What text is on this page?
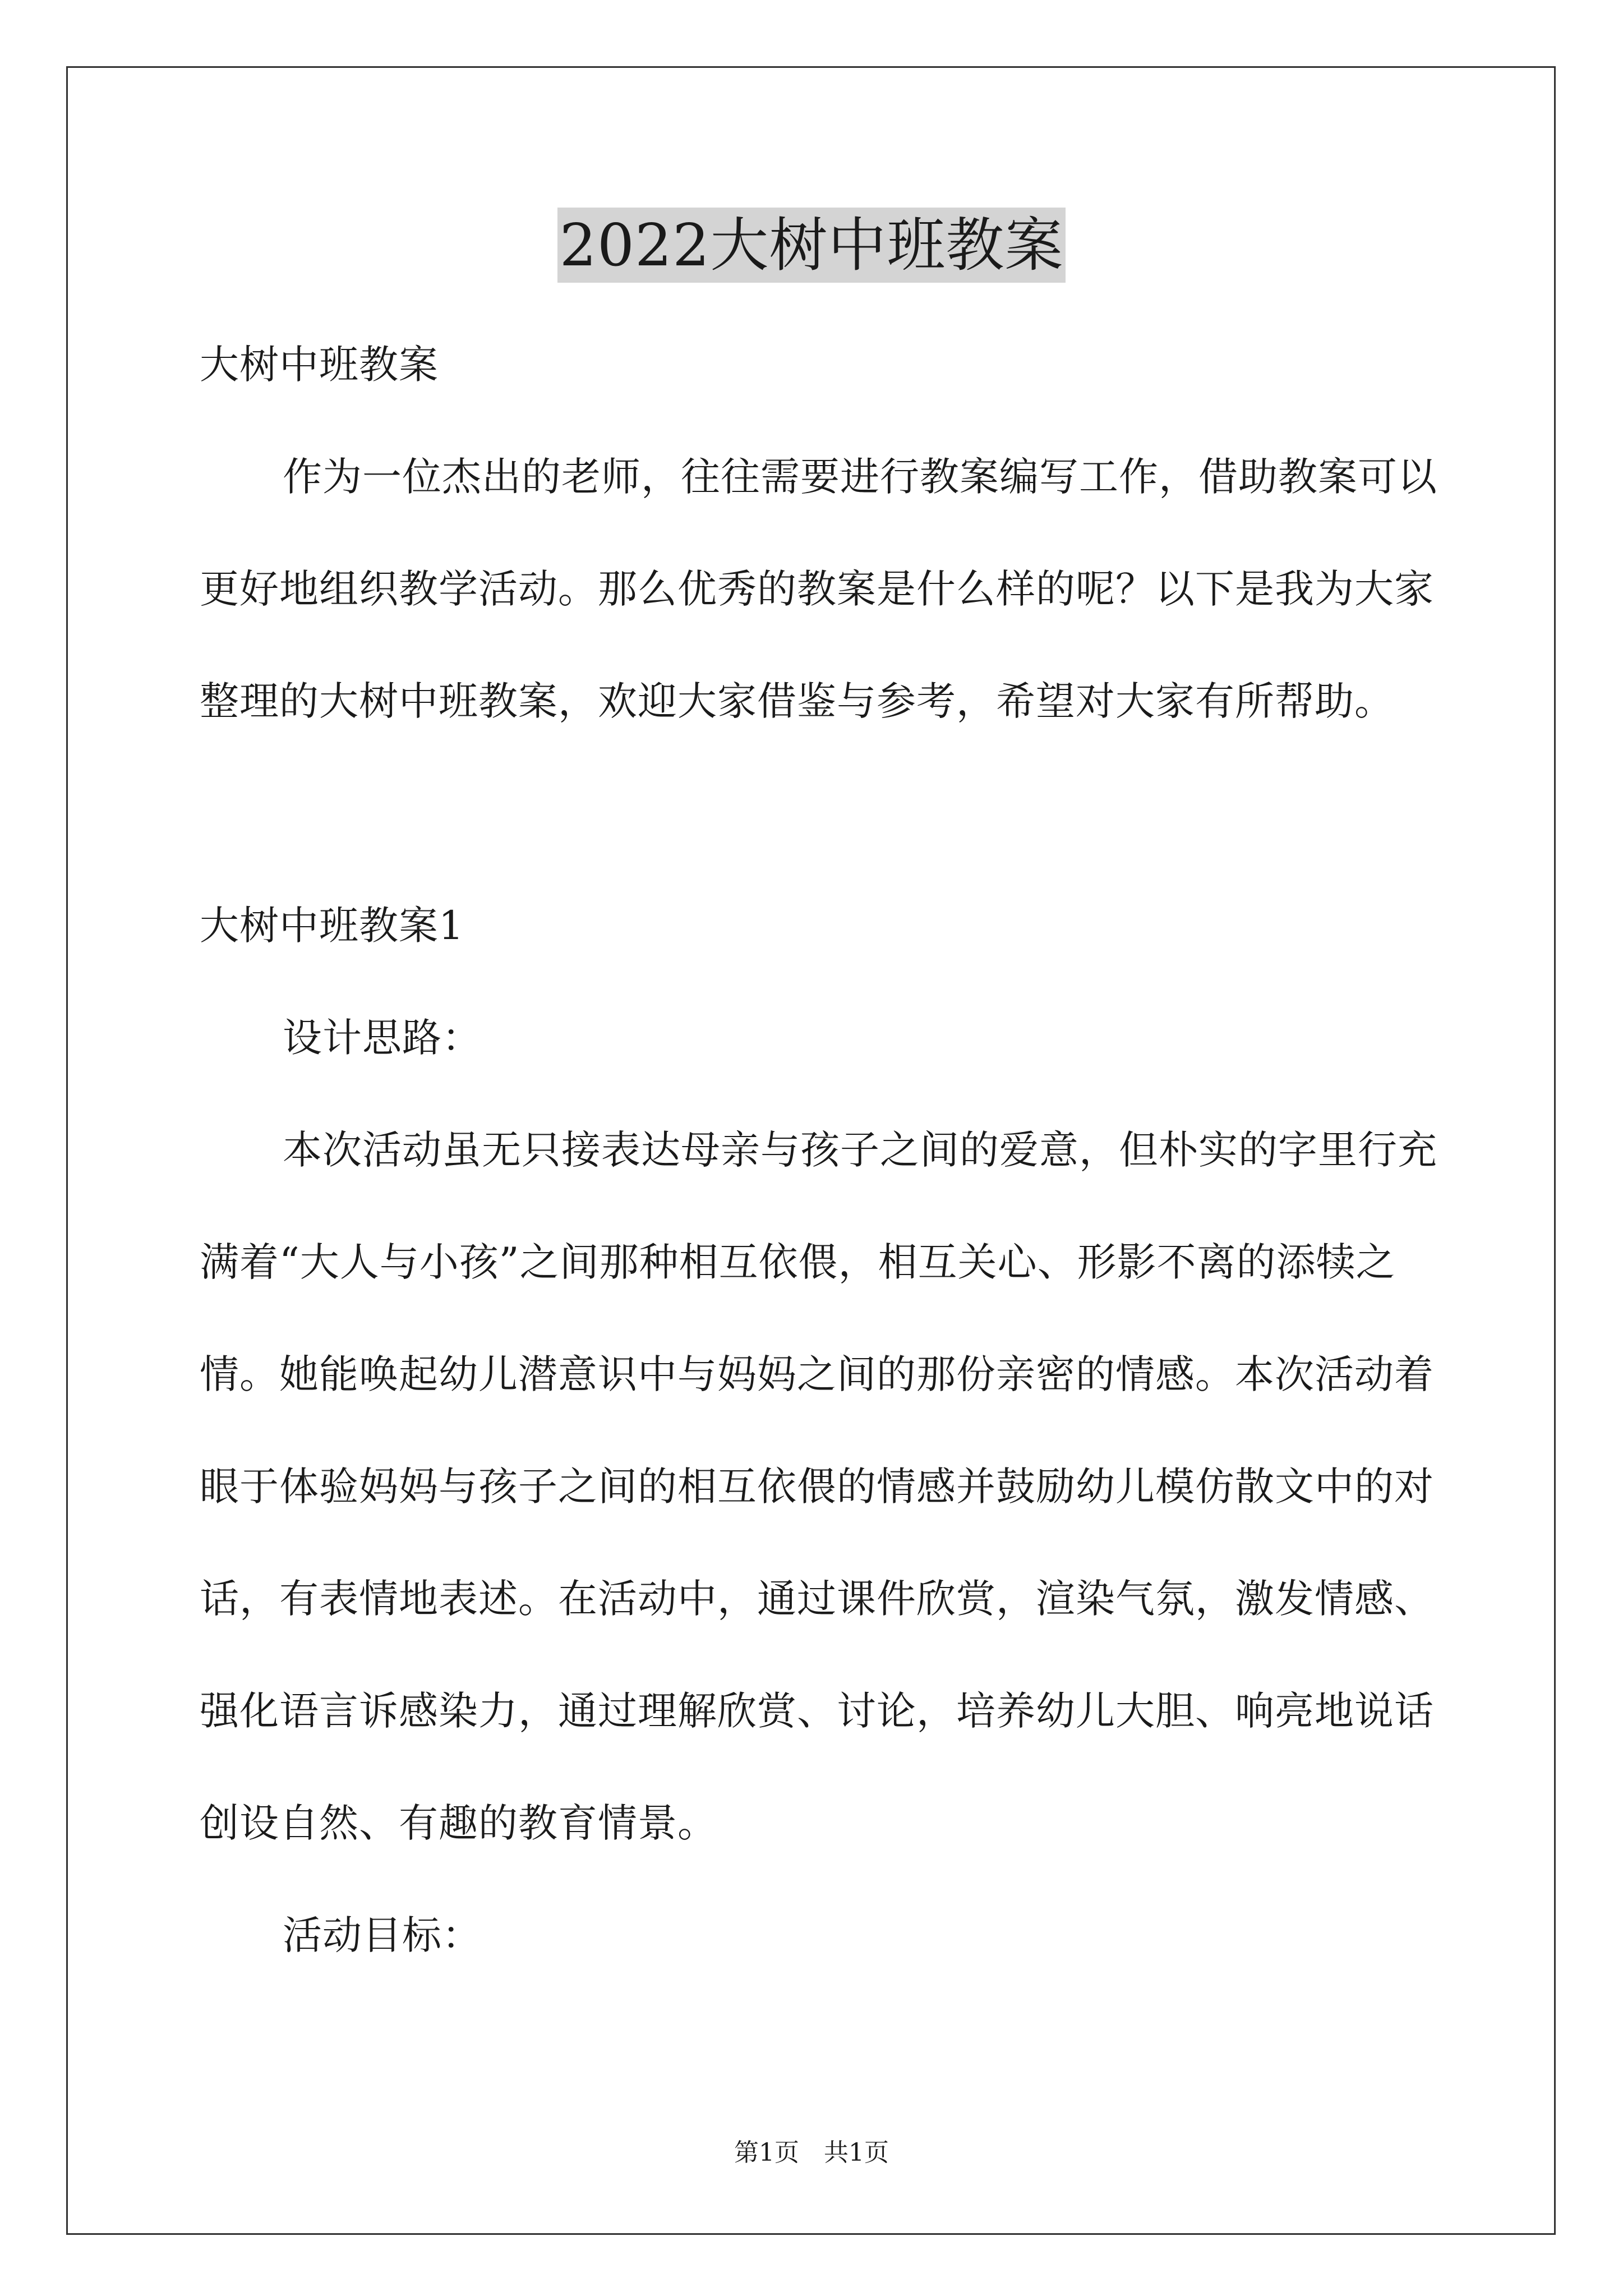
2022大树中班教案

大树中班教案

作为一位杰出的老师，往往需要进行教案编写工作，借助教案可以更好地组织教学活动。那么优秀的教案是什么样的呢？以下是我为大家整理的大树中班教案，欢迎大家借鉴与参考，希望对大家有所帮助。

大树中班教案1

设计思路：

本次活动虽无只接表达母亲与孩子之间的爱意，但朴实的字里行充满着“大人与小孩”之间那种相互依偎，相互关心、形影不离的添犊之情。她能唤起幼儿潜意识中与妈妈之间的那份亲密的情感。本次活动着眼于体验妈妈与孩子之间的相互依偎的情感并鼓励幼儿模仿散文中的对话，有表情地表述。在活动中，通过课件欣赏，渲染气氛，激发情感、强化语言诉感染力，通过理解欣赏、讨论，培养幼儿大胆、响亮地说话创设自然、有趣的教育情景。

活动目标：

第1页　共1页
